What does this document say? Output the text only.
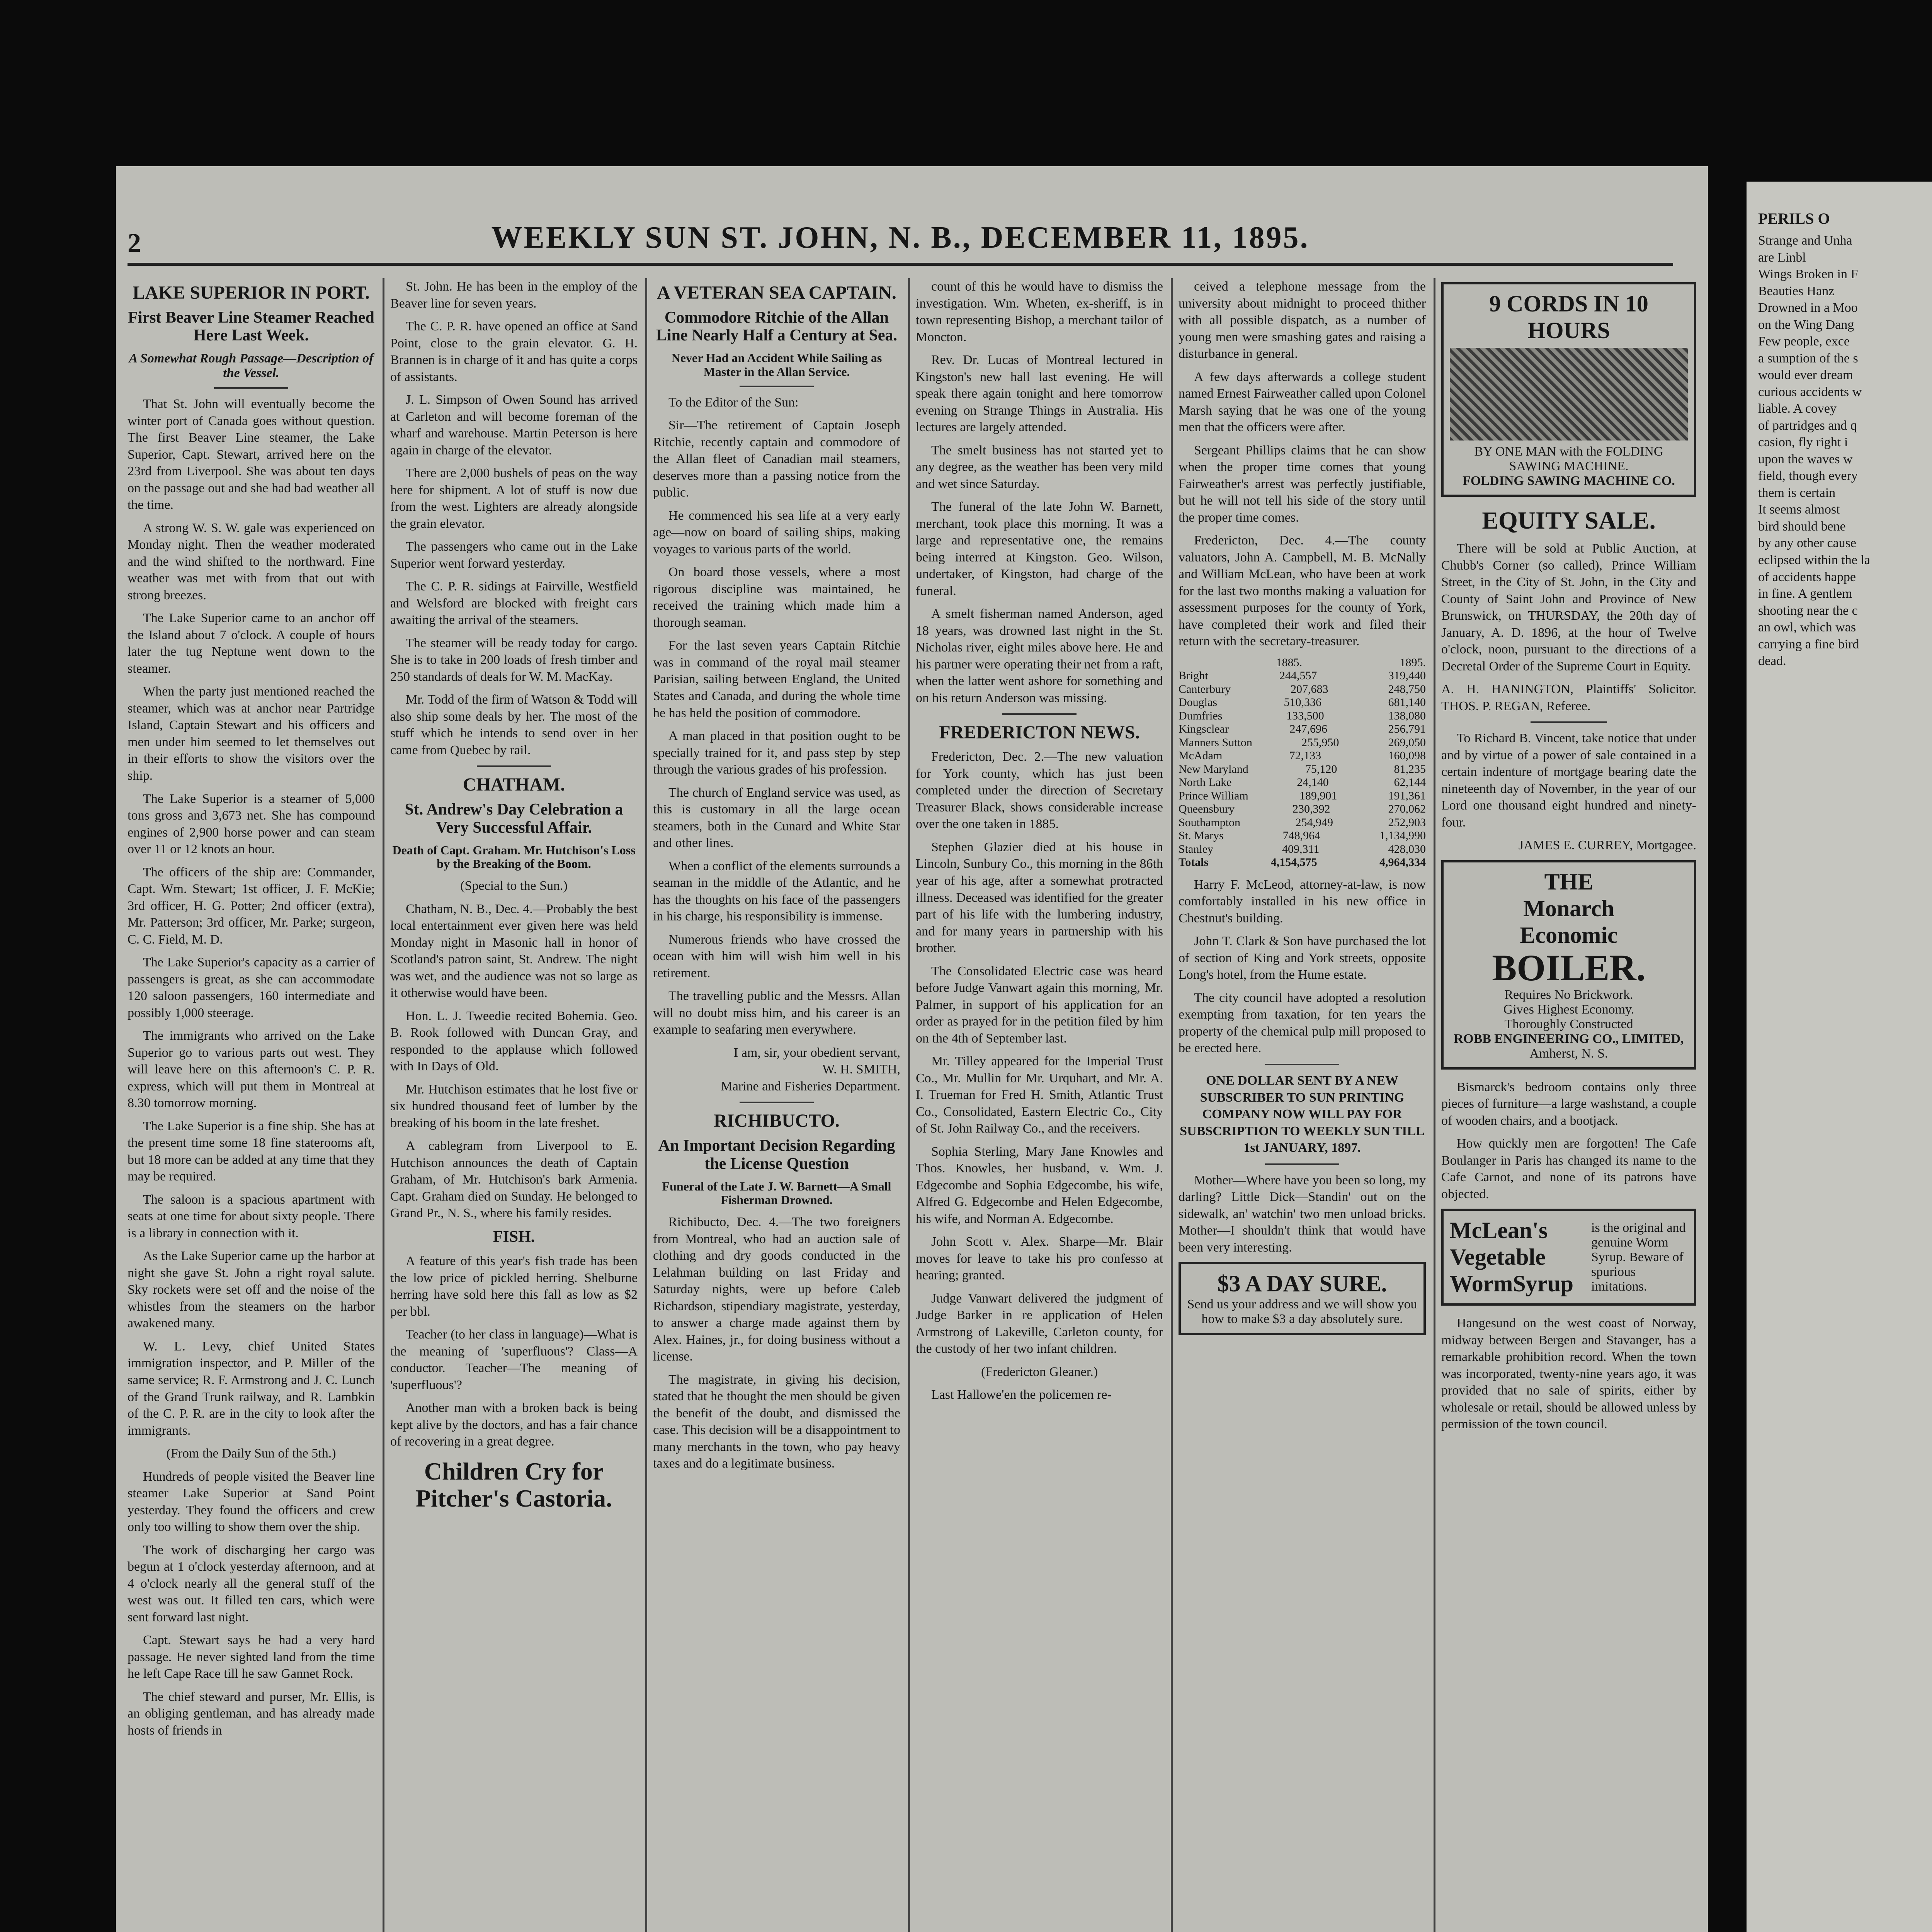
2	WEEKLY SUN ST. JOHN, N. B., DECEMBER 11, 1895.
LAKE SUPERIOR IN PORT.
First Beaver Line Steamer Reached Here Last Week.
A Somewhat Rough Passage—Description of the Vessel.

That St. John will eventually become the winter port of Canada goes without question. The first Beaver Line steamer, the Lake Superior, Capt. Stewart, arrived here on the 23rd from Liverpool. She was about ten days on the passage out and she had bad weather all the time.

A strong W. S. W. gale was experienced on Monday night. Then the weather moderated and the wind shifted to the northward. Fine weather was met with from that out with strong breezes.

The Lake Superior came to an anchor off the Island about 7 o'clock. A couple of hours later the tug Neptune went down to the steamer.

When the party just mentioned reached the steamer, which was at anchor near Partridge Island, Captain Stewart and his officers and men under him seemed to let themselves out in their efforts to show the visitors over the ship.

The Lake Superior is a steamer of 5,000 tons gross and 3,673 net. She has compound engines of 2,900 horse power and can steam over 11 or 12 knots an hour.

The officers of the ship are: Commander, Capt. Wm. Stewart; 1st officer, J. F. McKie; 3rd officer, H. G. Potter; 2nd officer (extra), Mr. Patterson; 3rd officer, Mr. Parke; surgeon, C. C. Field, M. D.

The Lake Superior's capacity as a carrier of passengers is great, as she can accommodate 120 saloon passengers, 160 intermediate and possibly 1,000 steerage.

The immigrants who arrived on the Lake Superior go to various parts out west. They will leave here on this afternoon's C. P. R. express, which will put them in Montreal at 8.30 tomorrow morning.

The Lake Superior is a fine ship. She has at the present time some 18 fine staterooms aft, but 18 more can be added at any time that they may be required.

The saloon is a spacious apartment with seats at one time for about sixty people. There is a library in connection with it.

As the Lake Superior came up the harbor at night she gave St. John a right royal salute. Sky rockets were set off and the noise of the whistles from the steamers on the harbor awakened many.

W. L. Levy, chief United States immigration inspector, and P. Miller of the same service; R. F. Armstrong and J. C. Lunch of the Grand Trunk railway, and R. Lambkin of the C. P. R. are in the city to look after the immigrants.

(From the Daily Sun of the 5th.)

Hundreds of people visited the Beaver line steamer Lake Superior at Sand Point yesterday. They found the officers and crew only too willing to show them over the ship.

The work of discharging her cargo was begun at 1 o'clock yesterday afternoon, and at 4 o'clock nearly all the general stuff of the west was out. It filled ten cars, which were sent forward last night.

Capt. Stewart says he had a very hard passage. He never sighted land from the time he left Cape Race till he saw Gannet Rock.

The chief steward and purser, Mr. Ellis, is an obliging gentleman, and has already made hosts of friends in

St. John. He has been in the employ of the Beaver line for seven years.

The C. P. R. have opened an office at Sand Point, close to the grain elevator. G. H. Brannen is in charge of it and has quite a corps of assistants.

J. L. Simpson of Owen Sound has arrived at Carleton and will become foreman of the wharf and warehouse. Martin Peterson is here again in charge of the elevator.

There are 2,000 bushels of peas on the way here for shipment. A lot of stuff is now due from the west. Lighters are already alongside the grain elevator.

The passengers who came out in the Lake Superior went forward yesterday.

The C. P. R. sidings at Fairville, Westfield and Welsford are blocked with freight cars awaiting the arrival of the steamers.

The steamer will be ready today for cargo. She is to take in 200 loads of fresh timber and 250 standards of deals for W. M. MacKay.

Mr. Todd of the firm of Watson & Todd will also ship some deals by her. The most of the stuff which he intends to send over in her came from Quebec by rail.

CHATHAM.
St. Andrew's Day Celebration a Very Successful Affair.
Death of Capt. Graham. Mr. Hutchison's Loss by the Breaking of the Boom.

(Special to the Sun.)

Chatham, N. B., Dec. 4.—Probably the best local entertainment ever given here was held Monday night in Masonic hall in honor of Scotland's patron saint, St. Andrew. The night was wet, and the audience was not so large as it otherwise would have been.

Hon. L. J. Tweedie recited Bohemia. Geo. B. Rook followed with Duncan Gray, and responded to the applause which followed with In Days of Old.

Mr. Hutchison estimates that he lost five or six hundred thousand feet of lumber by the breaking of his boom in the late freshet.

A cablegram from Liverpool to E. Hutchison announces the death of Captain Graham, of Mr. Hutchison's bark Armenia. Capt. Graham died on Sunday. He belonged to Grand Pr., N. S., where his family resides.

FISH.

A feature of this year's fish trade has been the low price of pickled herring. Shelburne herring have sold here this fall as low as $2 per bbl.

Teacher (to her class in language)—What is the meaning of 'superfluous'? Class—A conductor. Teacher—The meaning of 'superfluous'?

Another man with a broken back is being kept alive by the doctors, and has a fair chance of recovering in a great degree.

Children Cry for Pitcher's Castoria.
A VETERAN SEA CAPTAIN.
Commodore Ritchie of the Allan Line Nearly Half a Century at Sea.
Never Had an Accident While Sailing as Master in the Allan Service.

To the Editor of the Sun:

Sir—The retirement of Captain Joseph Ritchie, recently captain and commodore of the Allan fleet of Canadian mail steamers, deserves more than a passing notice from the public.

He commenced his sea life at a very early age—now on board of sailing ships, making voyages to various parts of the world.

On board those vessels, where a most rigorous discipline was maintained, he received the training which made him a thorough seaman.

For the last seven years Captain Ritchie was in command of the royal mail steamer Parisian, sailing between England, the United States and Canada, and during the whole time he has held the position of commodore.

A man placed in that position ought to be specially trained for it, and pass step by step through the various grades of his profession.

The church of England service was used, as this is customary in all the large ocean steamers, both in the Cunard and White Star and other lines.

When a conflict of the elements surrounds a seaman in the middle of the Atlantic, and he has the thoughts on his face of the passengers in his charge, his responsibility is immense.

Numerous friends who have crossed the ocean with him will wish him well in his retirement.

The travelling public and the Messrs. Allan will no doubt miss him, and his career is an example to seafaring men everywhere.

I am, sir, your obedient servant,
W. H. SMITH,
Marine and Fisheries Department.

RICHIBUCTO.
An Important Decision Regarding the License Question
Funeral of the Late J. W. Barnett—A Small Fisherman Drowned.

Richibucto, Dec. 4.—The two foreigners from Montreal, who had an auction sale of clothing and dry goods conducted in the Lelahman building on last Friday and Saturday nights, were up before Caleb Richardson, stipendiary magistrate, yesterday, to answer a charge made against them by Alex. Haines, jr., for doing business without a license.

The magistrate, in giving his decision, stated that he thought the men should be given the benefit of the doubt, and dismissed the case. This decision will be a disappointment to many merchants in the town, who pay heavy taxes and do a legitimate business.

count of this he would have to dismiss the investigation. Wm. Wheten, ex-sheriff, is in town representing Bishop, a merchant tailor of Moncton.

Rev. Dr. Lucas of Montreal lectured in Kingston's new hall last evening. He will speak there again tonight and here tomorrow evening on Strange Things in Australia. His lectures are largely attended.

The smelt business has not started yet to any degree, as the weather has been very mild and wet since Saturday.

The funeral of the late John W. Barnett, merchant, took place this morning. It was a large and representative one, the remains being interred at Kingston. Geo. Wilson, undertaker, of Kingston, had charge of the funeral.

A smelt fisherman named Anderson, aged 18 years, was drowned last night in the St. Nicholas river, eight miles above here. He and his partner were operating their net from a raft, when the latter went ashore for something and on his return Anderson was missing.

FREDERICTON NEWS.

Fredericton, Dec. 2.—The new valuation for York county, which has just been completed under the direction of Secretary Treasurer Black, shows considerable increase over the one taken in 1885.

Stephen Glazier died at his house in Lincoln, Sunbury Co., this morning in the 86th year of his age, after a somewhat protracted illness. Deceased was identified for the greater part of his life with the lumbering industry, and for many years in partnership with his brother.

The Consolidated Electric case was heard before Judge Vanwart again this morning, Mr. Palmer, in support of his application for an order as prayed for in the petition filed by him on the 4th of September last.

Mr. Tilley appeared for the Imperial Trust Co., Mr. Mullin for Mr. Urquhart, and Mr. A. I. Trueman for Fred H. Smith, Atlantic Trust Co., Consolidated, Eastern Electric Co., City of St. John Railway Co., and the receivers.

Sophia Sterling, Mary Jane Knowles and Thos. Knowles, her husband, v. Wm. J. Edgecombe and Sophia Edgecombe, his wife, Alfred G. Edgecombe and Helen Edgecombe, his wife, and Norman A. Edgecombe.

John Scott v. Alex. Sharpe—Mr. Blair moves for leave to take his pro confesso at hearing; granted.

Judge Vanwart delivered the judgment of Judge Barker in re application of Helen Armstrong of Lakeville, Carleton county, for the custody of her two infant children.

(Fredericton Gleaner.)

Last Hallowe'en the policemen re-

ceived a telephone message from the university about midnight to proceed thither with all possible dispatch, as a number of young men were smashing gates and raising a disturbance in general.

A few days afterwards a college student named Ernest Fairweather called upon Colonel Marsh saying that he was one of the young men that the officers were after.

Sergeant Phillips claims that he can show when the proper time comes that young Fairweather's arrest was perfectly justifiable, but he will not tell his side of the story until the proper time comes.

Fredericton, Dec. 4.—The county valuators, John A. Campbell, M. B. McNally and William McLean, who have been at work for the last two months making a valuation for assessment purposes for the county of York, have completed their work and filed their return with the secretary-treasurer.

1885.	1895.
Bright	244,557	319,440
Canterbury	207,683	248,750
Douglas	510,336	681,140
Dumfries	133,500	138,080
Kingsclear	247,696	256,791
Manners Sutton	255,950	269,050
McAdam	72,133	160,098
New Maryland	75,120	81,235
North Lake	24,140	62,144
Prince William	189,901	191,361
Queensbury	230,392	270,062
Southampton	254,949	252,903
St. Marys	748,964	1,134,990
Stanley	409,311	428,030
Totals	4,154,575	4,964,334

Harry F. McLeod, attorney-at-law, is now comfortably installed in his new office in Chestnut's building.

John T. Clark & Son have purchased the lot of section of King and York streets, opposite Long's hotel, from the Hume estate.

The city council have adopted a resolution exempting from taxation, for ten years the property of the chemical pulp mill proposed to be erected here.

ONE DOLLAR SENT BY A NEW SUBSCRIBER TO SUN PRINTING COMPANY NOW WILL PAY FOR SUBSCRIPTION TO WEEKLY SUN TILL 1st JANUARY, 1897.

Mother—Where have you been so long, my darling? Little Dick—Standin' out on the sidewalk, an' watchin' two men unload bricks. Mother—I shouldn't think that would have been very interesting.

$3 A DAY SURE.
Send us your address and we will show you how to make $3 a day absolutely sure.
9 CORDS IN 10 HOURS
BY ONE MAN with the FOLDING SAWING MACHINE.
FOLDING SAWING MACHINE CO.
EQUITY SALE.

There will be sold at Public Auction, at Chubb's Corner (so called), Prince William Street, in the City of St. John, in the City and County of Saint John and Province of New Brunswick, on THURSDAY, the 20th day of January, A. D. 1896, at the hour of Twelve o'clock, noon, pursuant to the directions of a Decretal Order of the Supreme Court in Equity.

A. H. HANINGTON, Plaintiffs' Solicitor. THOS. P. REGAN, Referee.

To Richard B. Vincent, take notice that under and by virtue of a power of sale contained in a certain indenture of mortgage bearing date the nineteenth day of November, in the year of our Lord one thousand eight hundred and ninety-four.

JAMES E. CURREY, Mortgagee.

THE
Monarch
Economic
BOILER.
Requires No Brickwork.
Gives Highest Economy.
Thoroughly Constructed
ROBB ENGINEERING CO., LIMITED,
Amherst, N. S.

Bismarck's bedroom contains only three pieces of furniture—a large washstand, a couple of wooden chairs, and a bootjack.

How quickly men are forgotten! The Cafe Boulanger in Paris has changed its name to the Cafe Carnot, and none of its patrons have objected.

McLean's Vegetable WormSyrup
is the original and genuine Worm Syrup. Beware of spurious imitations.

Hangesund on the west coast of Norway, midway between Bergen and Stavanger, has a remarkable prohibition record. When the town was incorporated, twenty-nine years ago, it was provided that no sale of spirits, either by wholesale or retail, should be allowed unless by permission of the town council.

PERILS O
Strange and Unha
are Linbl
Wings Broken in F
Beauties Hanz
Drowned in a Moo
on the Wing Dang
Few people, exce
a sumption of the s
would ever dream
curious accidents w
liable. A covey
of partridges and q
casion, fly right i
upon the waves w
field, though every
them is certain
It seems almost
bird should bene
by any other cause
eclipsed within the la
of accidents happe
in fine. A gentlem
shooting near the c
an owl, which was
carrying a fine bird
dead.
